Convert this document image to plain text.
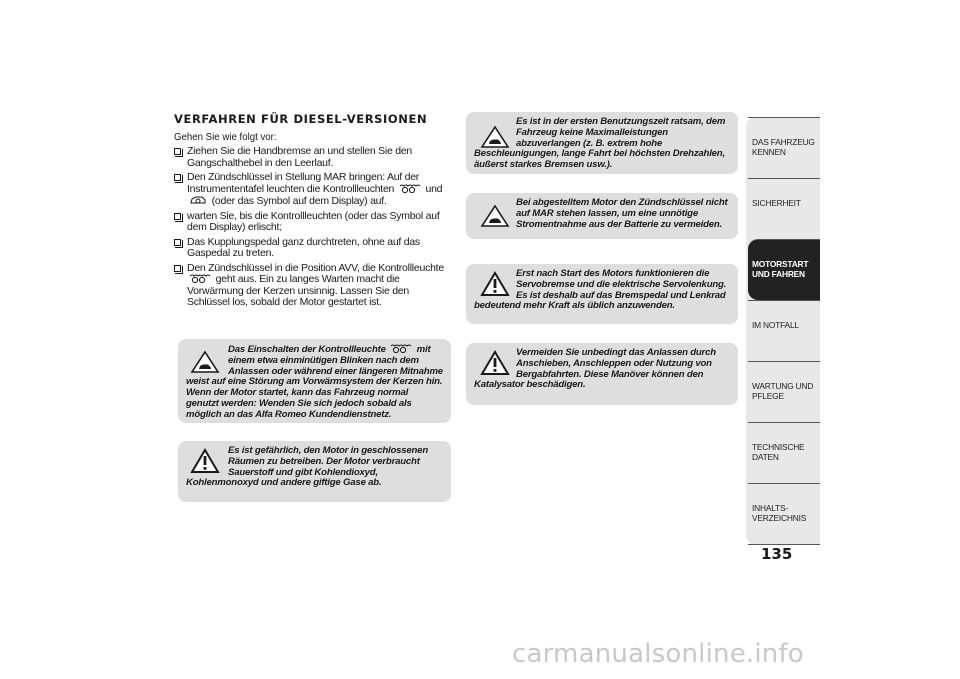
VERFAHREN FÜR DIESEL-VERSIONEN
Gehen Sie wie folgt vor:
Ziehen Sie die Handbremse an und stellen Sie den Gangschalthebel in den Leerlauf.
Den Zündschlüssel in Stellung MAR bringen: Auf der Instrumententafel leuchten die Kontrollleuchten	und  (oder das Symbol auf dem Display) auf.
warten Sie, bis die Kontrollleuchten (oder das Symbol auf dem Display) erlischt;
Das Kupplungspedal ganz durchtreten, ohne auf das Gaspedal zu treten.
Den Zündschlüssel in die Position AVV, die Kontrollleuchte
geht aus. Ein zu langes Warten macht die Vorwärmung der Kerzen unsinnig. Lassen Sie den Schlüssel los, sobald der Motor gestartet ist.
Das Einschalten der Kontrollleuchte	mit einem etwa einminütigen Blinken nach dem Anlassen oder während einer längeren Mitnahme weist auf eine Störung am Vorwärmsystem der Kerzen hin. Wenn der Motor startet, kann das Fahrzeug normal genutzt werden: Wenden Sie sich jedoch sobald als möglich an das Alfa Romeo Kundendienstnetz.
Es ist gefährlich, den Motor in geschlossenen Räumen zu betreiben. Der Motor verbraucht Sauerstoff und gibt Kohlendioxyd, Kohlenmonoxyd und andere giftige Gase ab.
Es ist in der ersten Benutzungszeit ratsam, dem Fahrzeug keine Maximalleistungen abzuverlangen (z. B. extrem hohe Beschleunigungen, lange Fahrt bei höchsten Drehzahlen, äußerst starkes Bremsen usw.).
Bei abgestelltem Motor den Zündschlüssel nicht auf MAR stehen lassen, um eine unnötige Stromentnahme aus der Batterie zu vermeiden.
Erst nach Start des Motors funktionieren die Servobremse und die elektrische Servolenkung. Es ist deshalb auf das Bremspedal und Lenkrad bedeutend mehr Kraft als üblich anzuwenden.
Vermeiden Sie unbedingt das Anlassen durch Anschieben, Anschleppen oder Nutzung von Bergabfahrten. Diese Manöver können den Katalysator beschädigen.
DAS FAHRZEUG KENNEN
SICHERHEIT
MOTORSTART UND FAHREN
IM NOTFALL
WARTUNG UND PFLEGE
TECHNISCHE DATEN
INHALTS-VERZEICHNIS
135
carmanualsonline.info
